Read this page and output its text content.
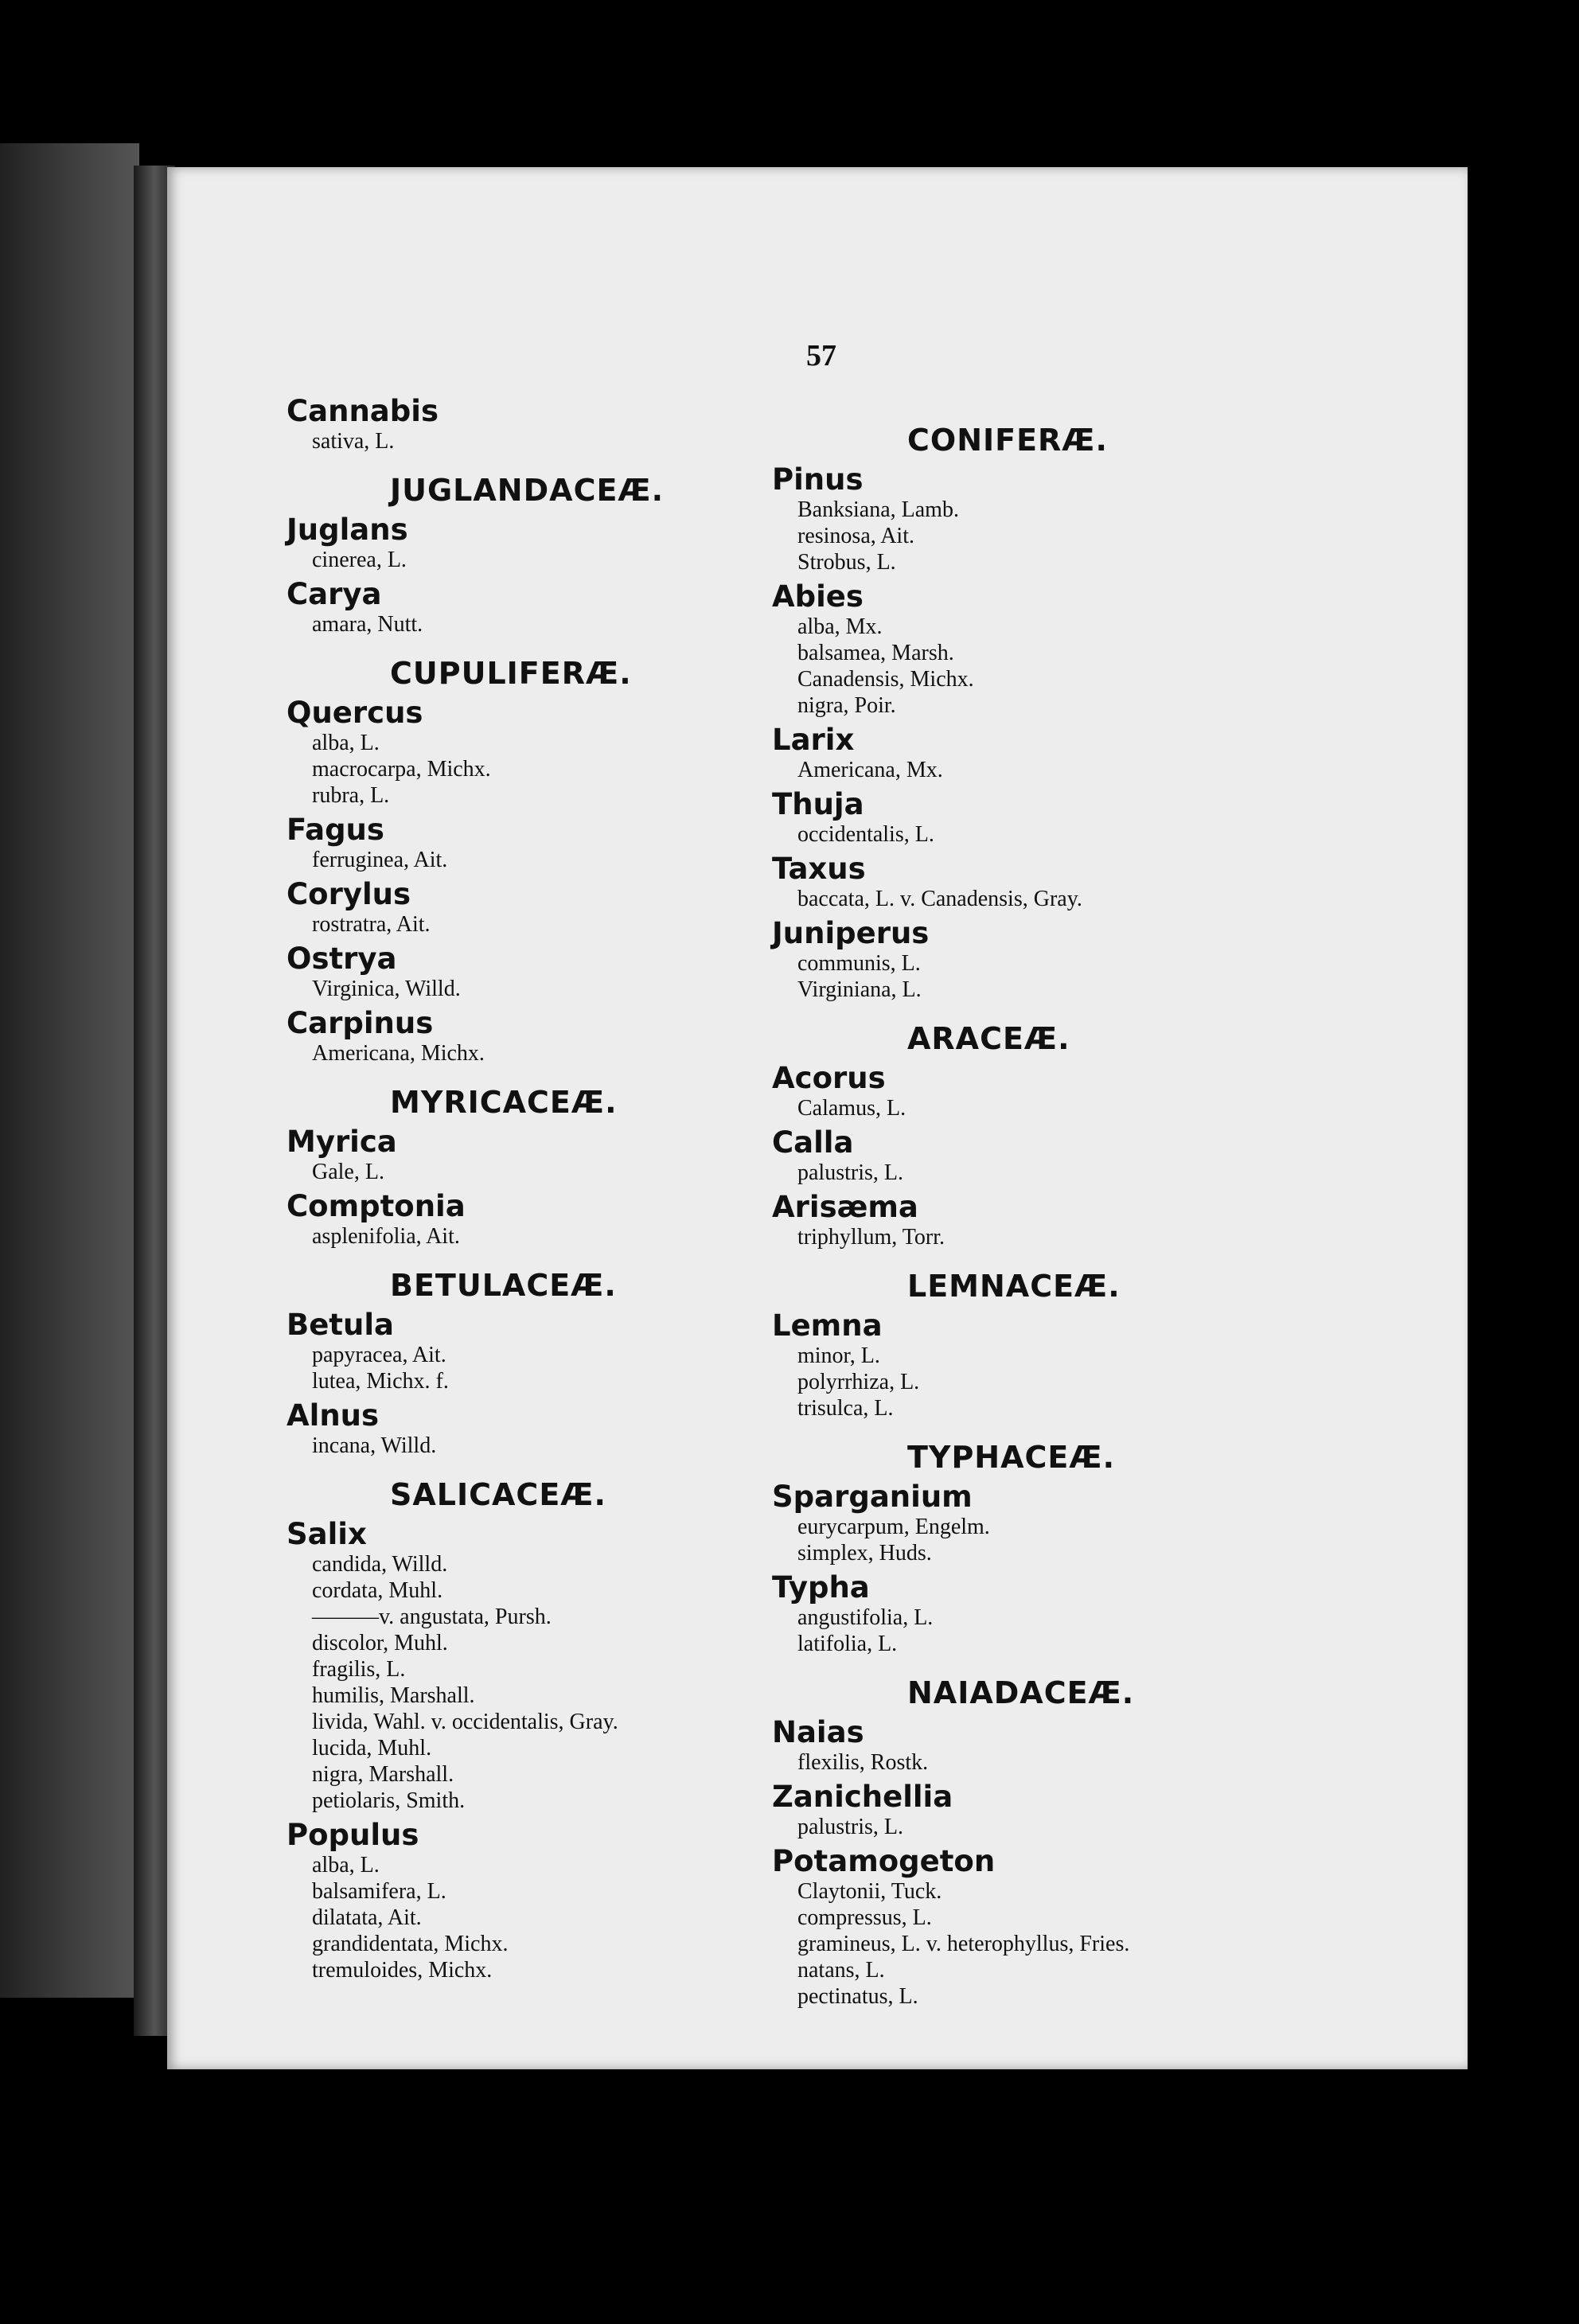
57
Cannabis
sativa, L.
JUGLANDACEÆ.
Juglans
cinerea, L.
Carya
amara, Nutt.
CUPULIFERÆ.
Quercus
alba, L.
macrocarpa, Michx.
rubra, L.
Fagus
ferruginea, Ait.
Corylus
rostratra, Ait.
Ostrya
Virginica, Willd.
Carpinus
Americana, Michx.
MYRICACEÆ.
Myrica
Gale, L.
Comptonia
asplenifolia, Ait.
BETULACEÆ.
Betula
papyracea, Ait.
lutea, Michx. f.
Alnus
incana, Willd.
SALICACEÆ.
Salix
candida, Willd.
cordata, Muhl.
———v. angustata, Pursh.
discolor, Muhl.
fragilis, L.
humilis, Marshall.
livida, Wahl. v. occidentalis, Gray.
lucida, Muhl.
nigra, Marshall.
petiolaris, Smith.
Populus
alba, L.
balsamifera, L.
dilatata, Ait.
grandidentata, Michx.
tremuloides, Michx.
CONIFERÆ.
Pinus
Banksiana, Lamb.
resinosa, Ait.
Strobus, L.
Abies
alba, Mx.
balsamea, Marsh.
Canadensis, Michx.
nigra, Poir.
Larix
Americana, Mx.
Thuja
occidentalis, L.
Taxus
baccata, L. v. Canadensis, Gray.
Juniperus
communis, L.
Virginiana, L.
ARACEÆ.
Acorus
Calamus, L.
Calla
palustris, L.
Arisæma
triphyllum, Torr.
LEMNACEÆ.
Lemna
minor, L.
polyrrhiza, L.
trisulca, L.
TYPHACEÆ.
Sparganium
eurycarpum, Engelm.
simplex, Huds.
Typha
angustifolia, L.
latifolia, L.
NAIADACEÆ.
Naias
flexilis, Rostk.
Zanichellia
palustris, L.
Potamogeton
Claytonii, Tuck.
compressus, L.
gramineus, L. v. heterophyllus, Fries.
natans, L.
pectinatus, L.
